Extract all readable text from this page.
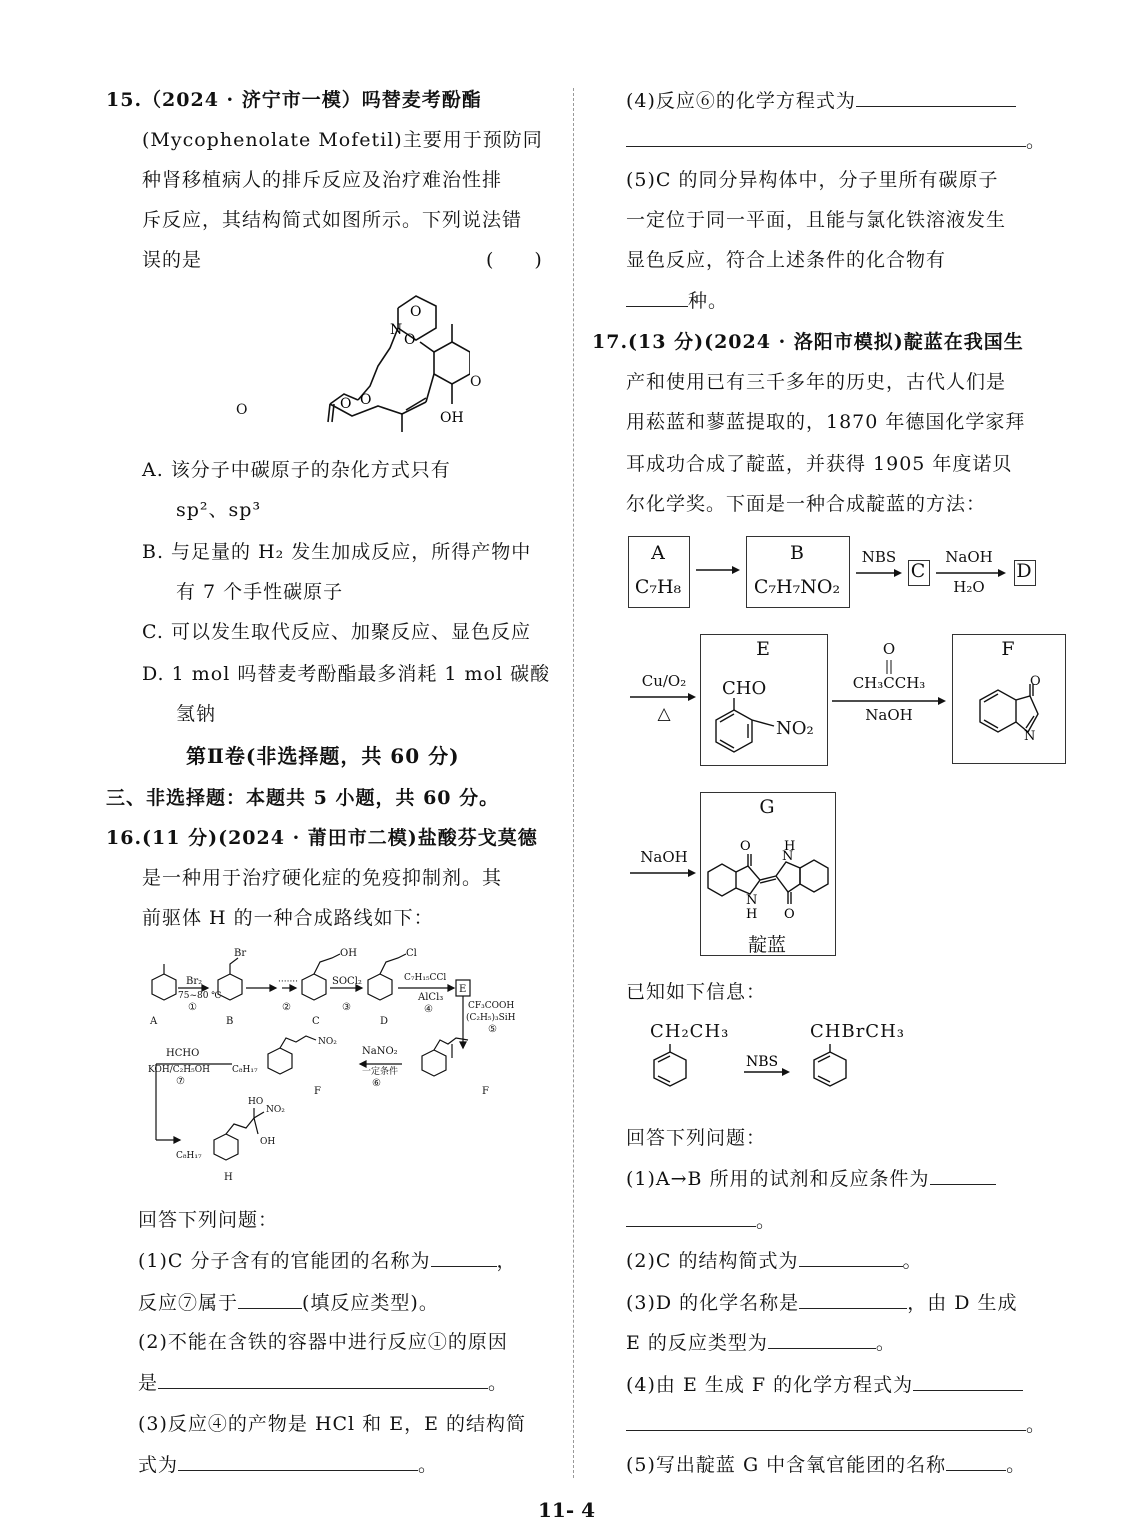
15.（2024 · 济宁市一模）吗替麦考酚酯
(Mycophenolate Mofetil)主要用于预防同
种肾移植病人的排斥反应及治疗难治性排
斥反应，其结构简式如图所示。下列说法错
误的是	(　　)
O
N
O
O
O
OH
O
O
A. 该分子中碳原子的杂化方式只有
sp²、sp³
B. 与足量的 H₂ 发生加成反应，所得产物中
有 7 个手性碳原子
C. 可以发生取代反应、加聚反应、显色反应
D. 1 mol 吗替麦考酚酯最多消耗 1 mol 碳酸
氢钠
第Ⅱ卷(非选择题，共 60 分)
三、非选择题：本题共 5 小题，共 60 分。
16.(11 分)(2024 · 莆田市二模)盐酸芬戈莫德
是一种用于治疗硬化症的免疫抑制剂。其
前驱体 H 的一种合成路线如下：
Br
Br₂
75~80 ℃
①
·······
②
OH
SOCl₂
③
Cl
C₇H₁₅CCl
AlCl₃
④	CF₃COOH
(C₂H₅)₃SiH
⑤
HCHO
KOH/C₂H₅OH
⑦
NaNO₂
一定条件
⑥
NO₂
C₈H₁₇
C₈H₁₇
HO
NO₂
OH
A	B	C	D
E
F	F
H
回答下列问题：
(1)C 分子含有的官能团的名称为	，
反应⑦属于	(填反应类型)。
(2)不能在含铁的容器中进行反应①的原因
是	。
(3)反应④的产物是 HCl 和 E，E 的结构简
式为	。
(4)反应⑥的化学方程式为
。
(5)C 的同分异构体中，分子里所有碳原子
一定位于同一平面，且能与氯化铁溶液发生
显色反应，符合上述条件的化合物有
种。
17.(13 分)(2024 · 洛阳市模拟)靛蓝在我国生
产和使用已有三千多年的历史，古代人们是
用菘蓝和蓼蓝提取的，1870 年德国化学家拜
耳成功合成了靛蓝，并获得 1905 年度诺贝
尔化学奖。下面是一种合成靛蓝的方法：
A
C₇H₈
B
C₇H₇NO₂
NBS
C
NaOH
H₂O
D
Cu/O₂
△
E
CHO
NO₂
O
CH₃CCH₃
NaOH
F
N
O
NaOH
G
O
N
H
N
H O
靛蓝
已知如下信息：
CH₂CH₃	CHBrCH₃
NBS
回答下列问题：
(1)A→B 所用的试剂和反应条件为
。
(2)C 的结构简式为	。
(3)D 的化学名称是	，由 D 生成
E 的反应类型为	。
(4)由 E 生成 F 的化学方程式为
。
(5)写出靛蓝 G 中含氧官能团的名称	。
11- 4
